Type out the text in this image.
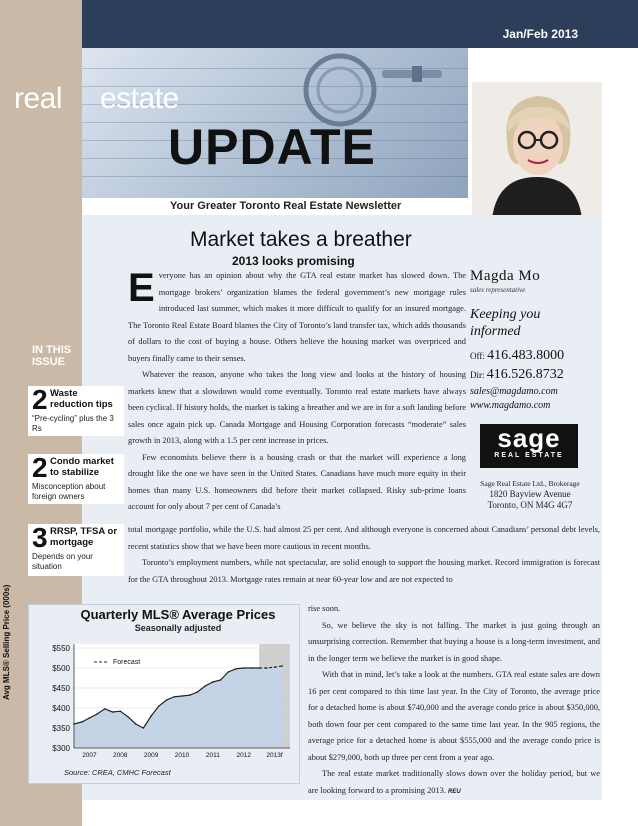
Jan/Feb 2013
real estate
UPDATE
Your Greater Toronto Real Estate Newsletter
Market takes a breather
2013 looks promising
Magda Mo
sales representative
Keeping you
informed
Off: 416.483.8000
Dir: 416.526.8732
sales@magdamo.com
www.magdamo.com
sage
REAL ESTATE
Sage Real Estate Ltd., Brokerage
1820 Bayview Avenue
Toronto, ON M4G 4G7
IN THIS
ISSUE
2 Waste
reduction tips
“Pre-cycling” plus the 3 Rs
2 Condo market
to stabilize
Misconception about foreign owners
3 RRSP, TFSA or
mortgage
Depends on your situation

Everyone has an opinion about why the GTA real estate market has slowed down. The mortgage brokers’ organization blames the federal government’s new mortgage rules introduced last summer, which makes it more difficult to qualify for an insured mortgage. The Toronto Real Estate Board blames the City of Toronto’s land transfer tax, which adds thousands of dollars to the cost of buying a house. Others believe the housing market was overpriced and buyers finally came to their senses.

Whatever the reason, anyone who takes the long view and looks at the history of housing markets knew that a slowdown would come eventually. Toronto real estate markets have always been cyclical. If history holds, the market is taking a breather and we are in for a soft landing before sales once again pick up. Canada Mortgage and Housing Corporation forecasts “moderate” sales growth in 2013, along with a 1.5 per cent increase in prices.

Few economists believe there is a housing crash or that the market will experience a long drought like the one we have seen in the United States. Canadians have much more equity in their homes than many U.S. homeowners did before their market collapsed. Risky sub-prime loans account for only about 7 per cent of Canada’s

total mortgage portfolio, while the U.S. had almost 25 per cent. And although everyone is concerned about Canadians’ personal debt levels, recent statistics show that we have been more cautious in recent months.

Toronto’s employment numbers, while not spectacular, are solid enough to support the housing market. Record immigration is forecast for the GTA throughout 2013. Mortgage rates remain at near 60-year low and are not expected to

rise soon.

So, we believe the sky is not falling. The market is just going through an unsurprising correction. Remember that buying a house is a long-term investment, and in the longer term we believe the market is in good shape.

With that in mind, let’s take a look at the numbers. GTA real estate sales are down 16 per cent compared to this time last year. In the City of Toronto, the average price for a detached home is about $740,000 and the average condo price is about $350,000, both down four per cent compared to the same time last year. In the 905 regions, the average price for a detached home is about $555,000 and the average condo price is about $279,000, both up three per cent from a year ago.

The real estate market traditionally slows down over the holiday period, but we are looking forward to a promising 2013. REU

Quarterly MLS® Average Prices
Seasonally adjusted
Avg MLS® Selling Price (000s)	$550
$500
$450
$400
$350
$300
2007	2008	2009	2010	2011	2012 2013f
Forecast
Source: CREA, CMHC Forecast
